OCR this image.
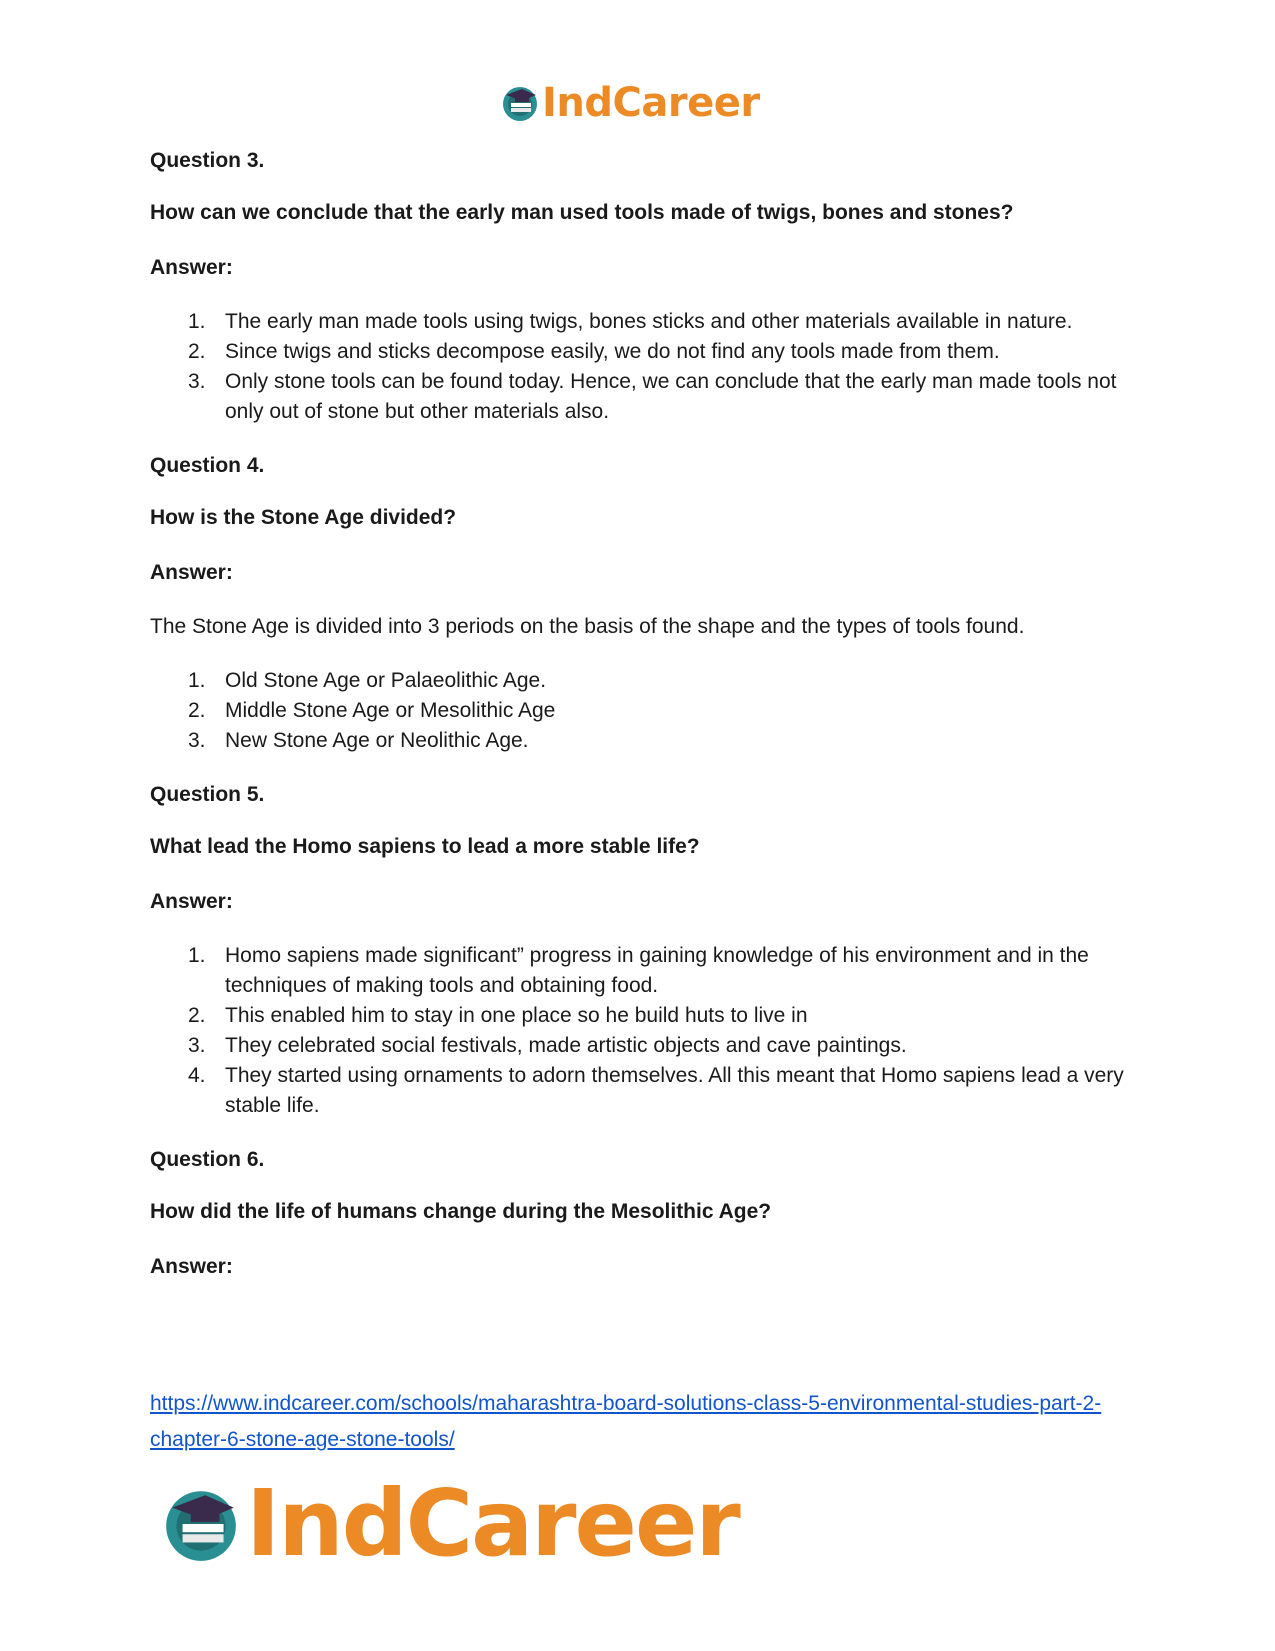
IndCareer
Question 3.
How can we conclude that the early man used tools made of twigs, bones and stones?
Answer:
1. The early man made tools using twigs, bones sticks and other materials available in nature.
2. Since twigs and sticks decompose easily, we do not find any tools made from them.
3. Only stone tools can be found today. Hence, we can conclude that the early man made tools not only out of stone but other materials also.
Question 4.
How is the Stone Age divided?
Answer:

The Stone Age is divided into 3 periods on the basis of the shape and the types of tools found.

1. Old Stone Age or Palaeolithic Age.
2. Middle Stone Age or Mesolithic Age
3. New Stone Age or Neolithic Age.
Question 5.
What lead the Homo sapiens to lead a more stable life?
Answer:
1. Homo sapiens made significant” progress in gaining knowledge of his environment and in the techniques of making tools and obtaining food.
2. This enabled him to stay in one place so he build huts to live in
3. They celebrated social festivals, made artistic objects and cave paintings.
4. They started using ornaments to adorn themselves. All this meant that Homo sapiens lead a very stable life.
Question 6.
How did the life of humans change during the Mesolithic Age?
Answer:
https://www.indcareer.com/schools/maharashtra-board-solutions-class-5-environmental-studies-part-2-chapter-6-stone-age-stone-tools/
IndCareer
